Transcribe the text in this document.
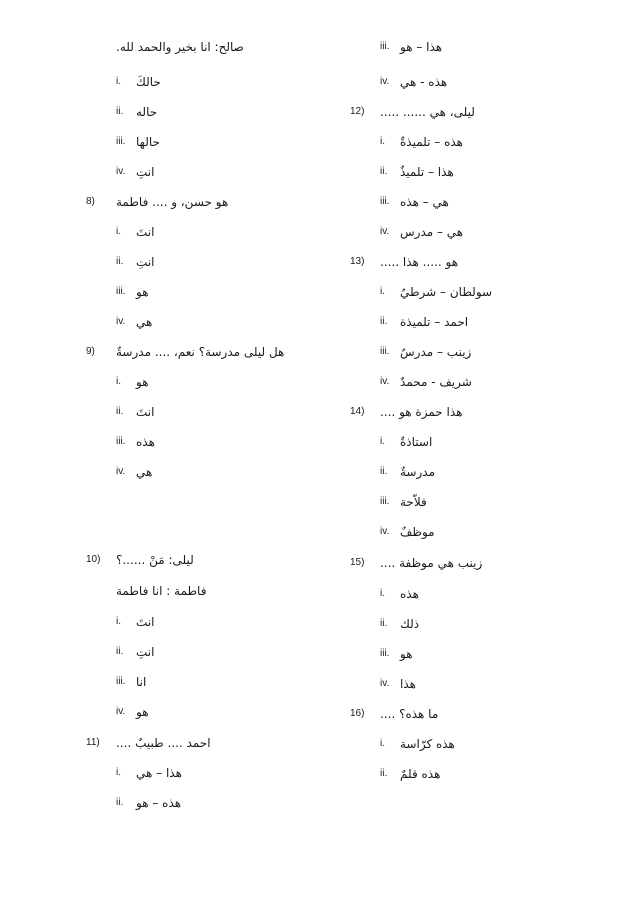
صالح: انا بخير والحمد لله.
i. حالكَ
ii. حاله
iii. حالها
iv. انتِ
8) هو حسن، و .... فاطمة
i. انتَ
ii. انتِ
iii. هو
iv. هي
9) هل ليلى مدرسة؟ نعم، .... مدرسةٌ
i. هو
ii. انتَ
iii. هذه
iv. هي
10) ليلى: مَنْ ......؟
فاطمة : انا فاطمة
i. انتَ
ii. انتِ
iii. انا
iv. هو
11) احمد .... طبيبٌ ....
i. هذا – هي
ii. هذه – هو
iii. هذا – هو
iv. هذه - هي
12) ليلى، هي ...... .....
i. هذه – تلميذةٌ
ii. هذا – تلميذٌ
iii. هي – هذه
iv. هي – مدرس
13) هو ..... هذا .....
i. سولطان – شرطيٌ
ii. احمد – تلميذة
iii. زينب – مدرسٌ
iv. شريف - محمدٌ
14) هذا حمزة هو ....
i. استاذةٌ
ii. مدرسةٌ
iii. فلاّحة
iv. موظفٌ
15) زينب هي موظفة ....
i. هذه
ii. ذلك
iii. هو
iv. هذا
16) ما هذه؟ ....
i. هذه كرّاسة
ii. هذه قلمٌ
